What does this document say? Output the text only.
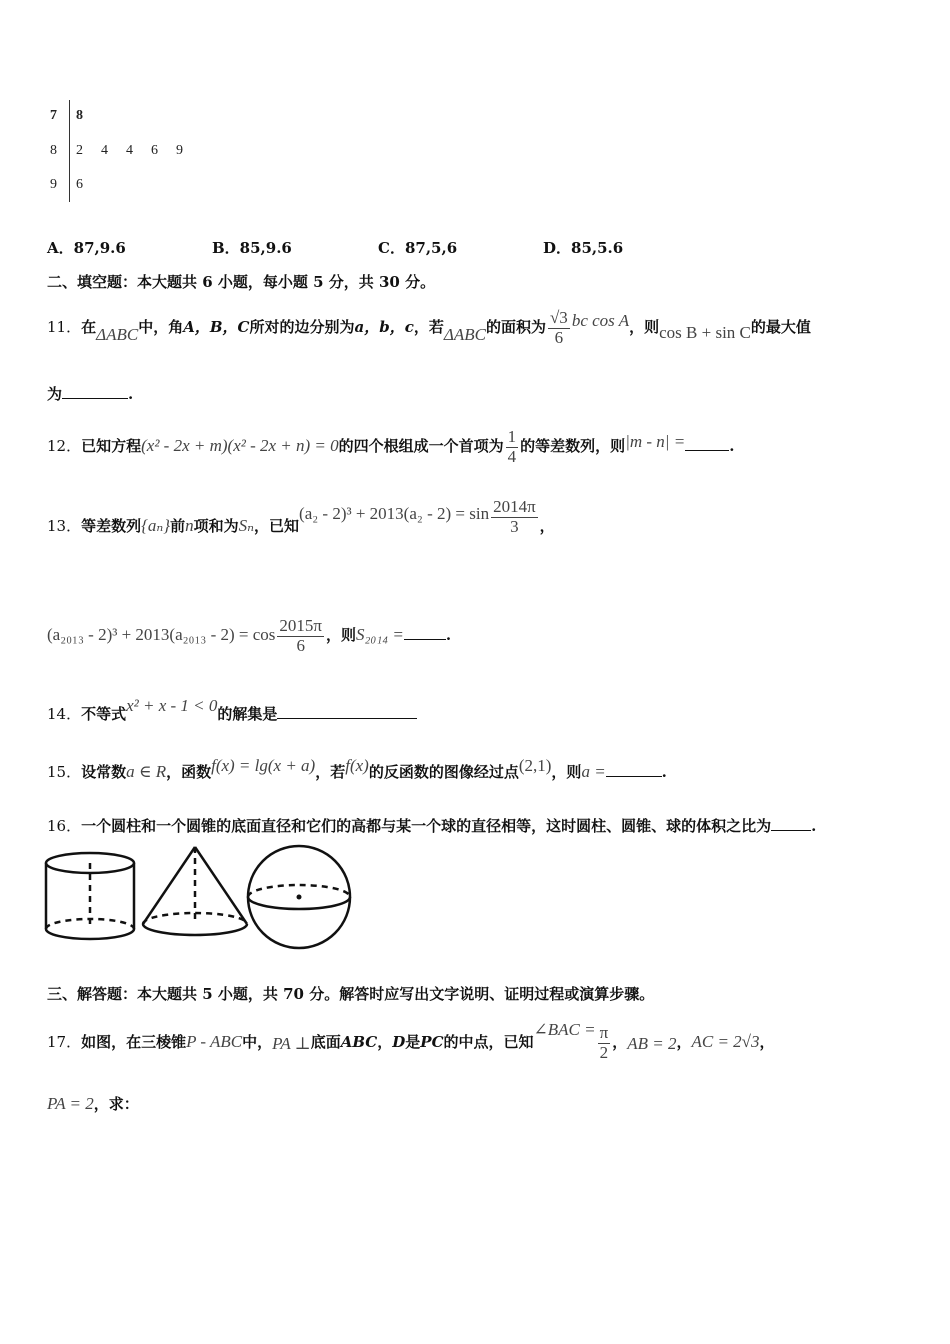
7 8
8 2 4 4 6 9
9 6
A．87,9.6	B．85,9.6	C．87,5,6	D．85,5.6
二、填空题：本大题共 6 小题，每小题 5 分，共 30 分。
11．在ΔABC中，角A，B，C所对的边分别为a，b，c，若ΔABC的面积为 $\frac{√3}{6}$ bc cos A，则cos B + sin C的最大值
为	.
12．已知方程(x² - 2x + m)(x² - 2x + n) = 0的四个根组成一个首项为 $\frac{1}{4}$ 的等差数列，则|m - n| =	.
13．等差数列{aₙ}前n项和为Sₙ，已知$(a_2 - 2)^3 + 2013(a_2 - 2) = \sin \frac{2014\pi}{3}$ ，
$(a_{2013} - 2)^3 + 2013(a_{2013} - 2) = \cos \frac{2015\pi}{6}$ ，则S₂₀₁₄ =	.
14．不等式x² + x - 1 < 0的解集是
15．设常数a ∈ R，函数f(x) = lg(x + a)，若f(x)的反函数的图像经过点(2,1)，则a =	.
16．一个圆柱和一个圆锥的底面直径和它们的高都与某一个球的直径相等，这时圆柱、圆锥、球的体积之比为	.
三、解答题：本大题共 5 小题，共 70 分。解答时应写出文字说明、证明过程或演算步骤。
17．如图，在三棱锥P - ABC中，PA ⊥底面ABC，D是PC的中点，已知∠BAC = $\frac{\pi}{2}$ ，AB = 2，AC = 2√3，
PA = 2，求：
